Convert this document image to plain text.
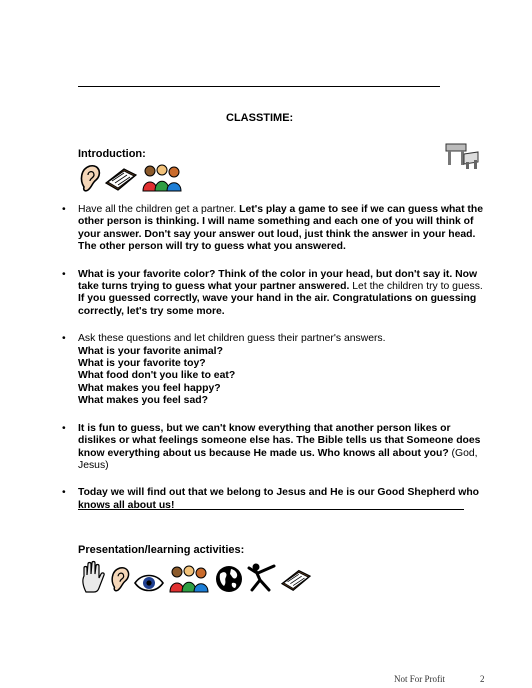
CLASSTIME:
Introduction:
• Have all the children get a partner. Let's play a game to see if we can guess what the other person is thinking. I will name something and each one of you will think of your answer. Don't say your answer out loud, just think the answer in your head. The other person will try to guess what you answered.
• What is your favorite color? Think of the color in your head, but don't say it. Now take turns trying to guess what your partner answered. Let the children try to guess. If you guessed correctly, wave your hand in the air. Congratulations on guessing correctly, let's try some more.
• Ask these questions and let children guess their partner's answers.
What is your favorite animal?
What is your favorite toy?
What food don't you like to eat?
What makes you feel happy?
What makes you feel sad?
• It is fun to guess, but we can't know everything that another person likes or dislikes or what feelings someone else has. The Bible tells us that Someone does know everything about us because He made us. Who knows all about you? (God, Jesus)
• Today we will find out that we belong to Jesus and He is our Good Shepherd who knows all about us!
Presentation/learning activities:
Not For Profit	2
